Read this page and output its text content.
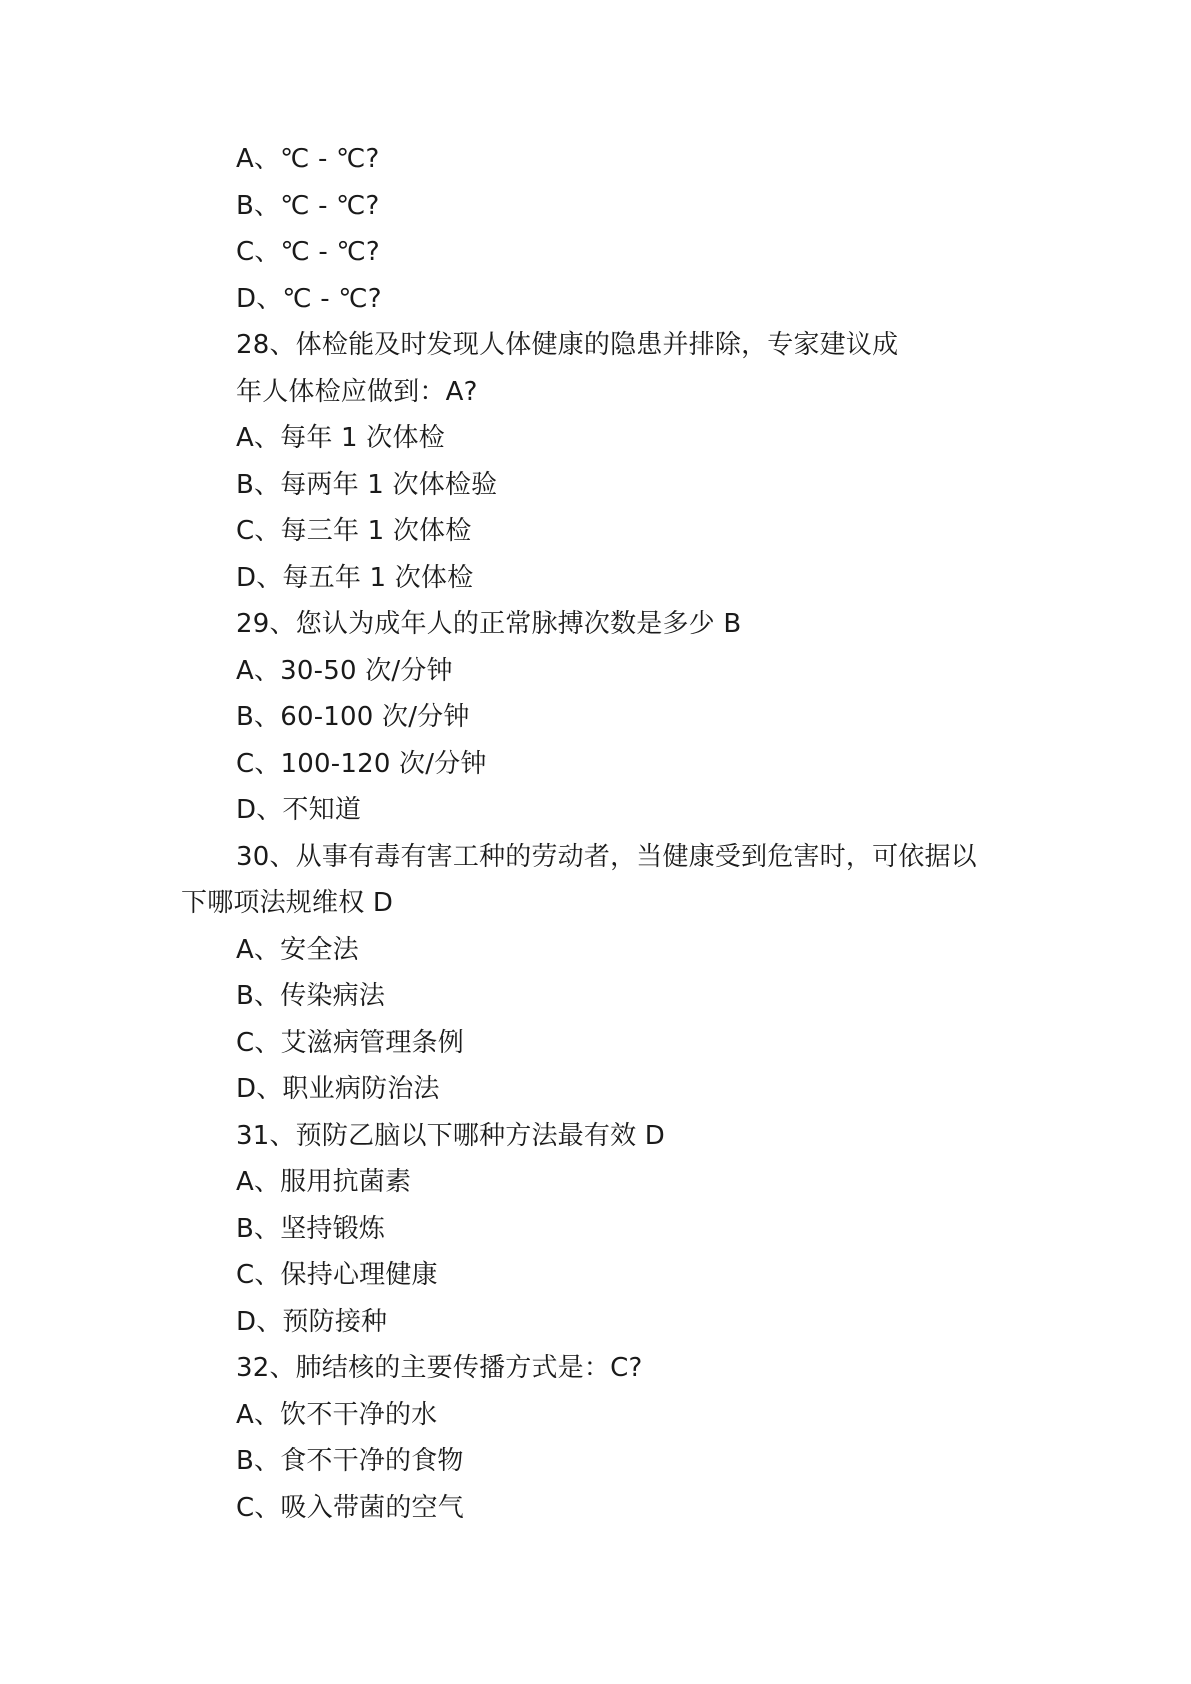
A、℃ - ℃?
B、℃ - ℃?
C、℃ - ℃?
D、℃ - ℃?
28、体检能及时发现人体健康的隐患并排除，专家建议成
年人体检应做到：A?
A、每年 1 次体检
B、每两年 1 次体检验
C、每三年 1 次体检
D、每五年 1 次体检
29、您认为成年人的正常脉搏次数是多少 B
A、30-50 次/分钟
B、60-100 次/分钟
C、100-120 次/分钟
D、不知道
30、从事有毒有害工种的劳动者，当健康受到危害时，可依据以
下哪项法规维权 D
A、安全法
B、传染病法
C、艾滋病管理条例
D、职业病防治法
31、预防乙脑以下哪种方法最有效 D
A、服用抗菌素
B、坚持锻炼
C、保持心理健康
D、预防接种
32、肺结核的主要传播方式是：C?
A、饮不干净的水
B、食不干净的食物
C、吸入带菌的空气
